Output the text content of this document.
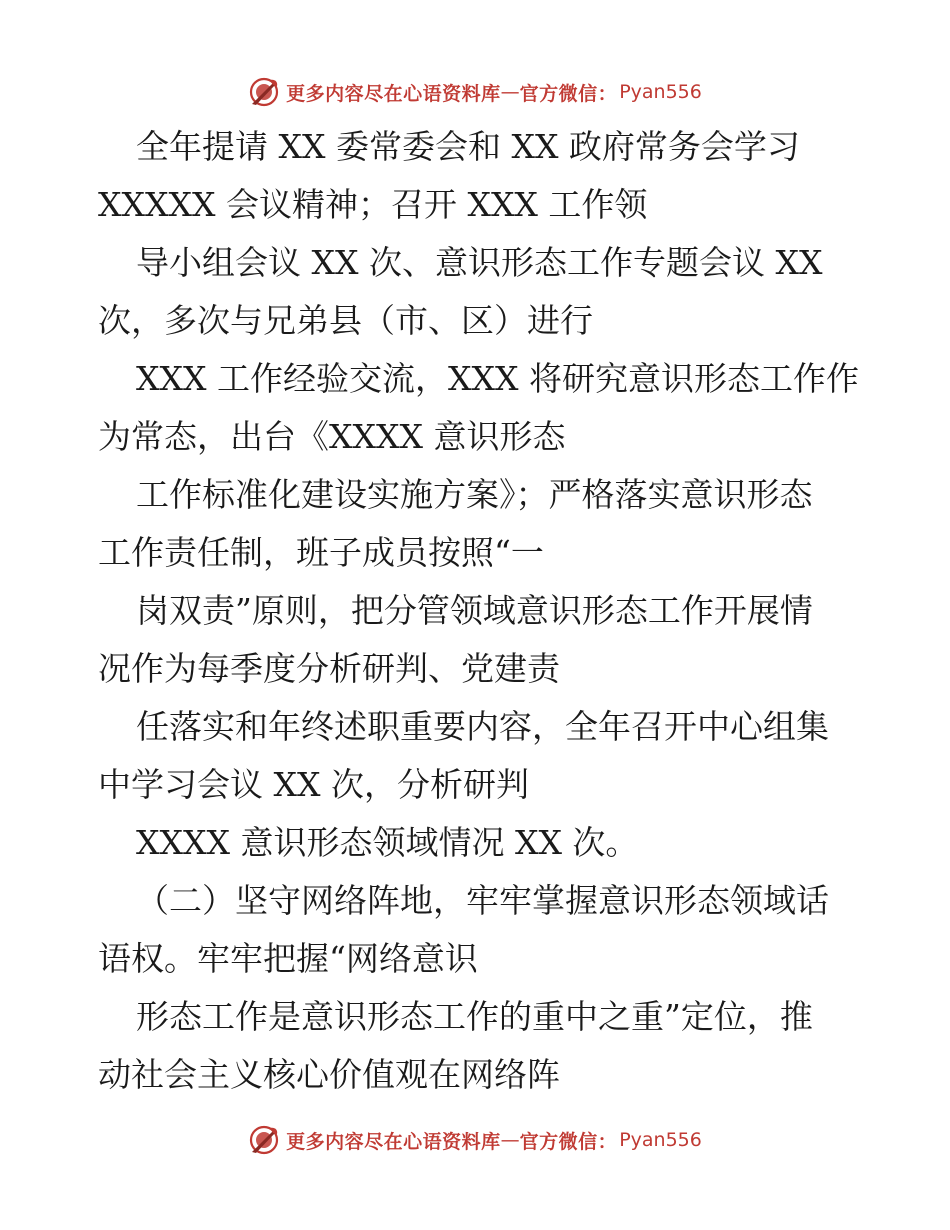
更多内容尽在心语资料库 — 官方微信： Pyan556
全年提请 XX 委常委会和 XX 政府常务会学习
XXXXX 会议精神；召开 XXX 工作领
导小组会议 XX 次、意识形态工作专题会议 XX
次，多次与兄弟县（市、区）进行
XXX 工作经验交流，XXX 将研究意识形态工作作
为常态，出台《XXXX 意识形态
工作标准化建设实施方案》；严格落实意识形态
工作责任制，班子成员按照“一
岗双责”原则，把分管领域意识形态工作开展情
况作为每季度分析研判、党建责
任落实和年终述职重要内容，全年召开中心组集
中学习会议 XX 次，分析研判
XXXX 意识形态领域情况 XX 次。
（二）坚守网络阵地，牢牢掌握意识形态领域话
语权。牢牢把握“网络意识
形态工作是意识形态工作的重中之重”定位，推
动社会主义核心价值观在网络阵
更多内容尽在心语资料库 — 官方微信： Pyan556
